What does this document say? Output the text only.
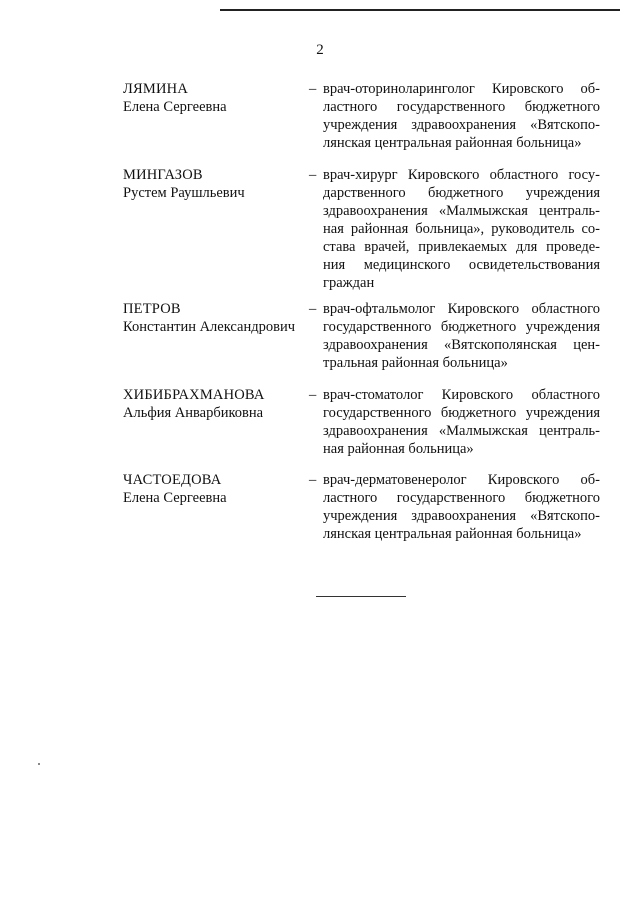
2
ЛЯМИНА
Елена Сергеевна
– врач-оториноларинголог Кировского об-
ластного государственного бюджетного
учреждения здравоохранения «Вятскопо-
лянская центральная районная больница»
МИНГАЗОВ
Рустем Раушльевич
– врач-хирург Кировского областного госу-
дарственного бюджетного учреждения
здравоохранения «Малмыжская централь-
ная районная больница», руководитель со-
става врачей, привлекаемых для проведе-
ния медицинского освидетельствования
граждан
ПЕТРОВ
Константин Александрович
– врач-офтальмолог Кировского областного
государственного бюджетного учреждения
здравоохранения «Вятскополянская цен-
тральная районная больница»
ХИБИБРАХМАНОВА
Альфия Анварбиковна
– врач-стоматолог Кировского областного
государственного бюджетного учреждения
здравоохранения «Малмыжская централь-
ная районная больница»
ЧАСТОЕДОВА
Елена Сергеевна
– врач-дерматовенеролог Кировского об-
ластного государственного бюджетного
учреждения здравоохранения «Вятскопо-
лянская центральная районная больница»
